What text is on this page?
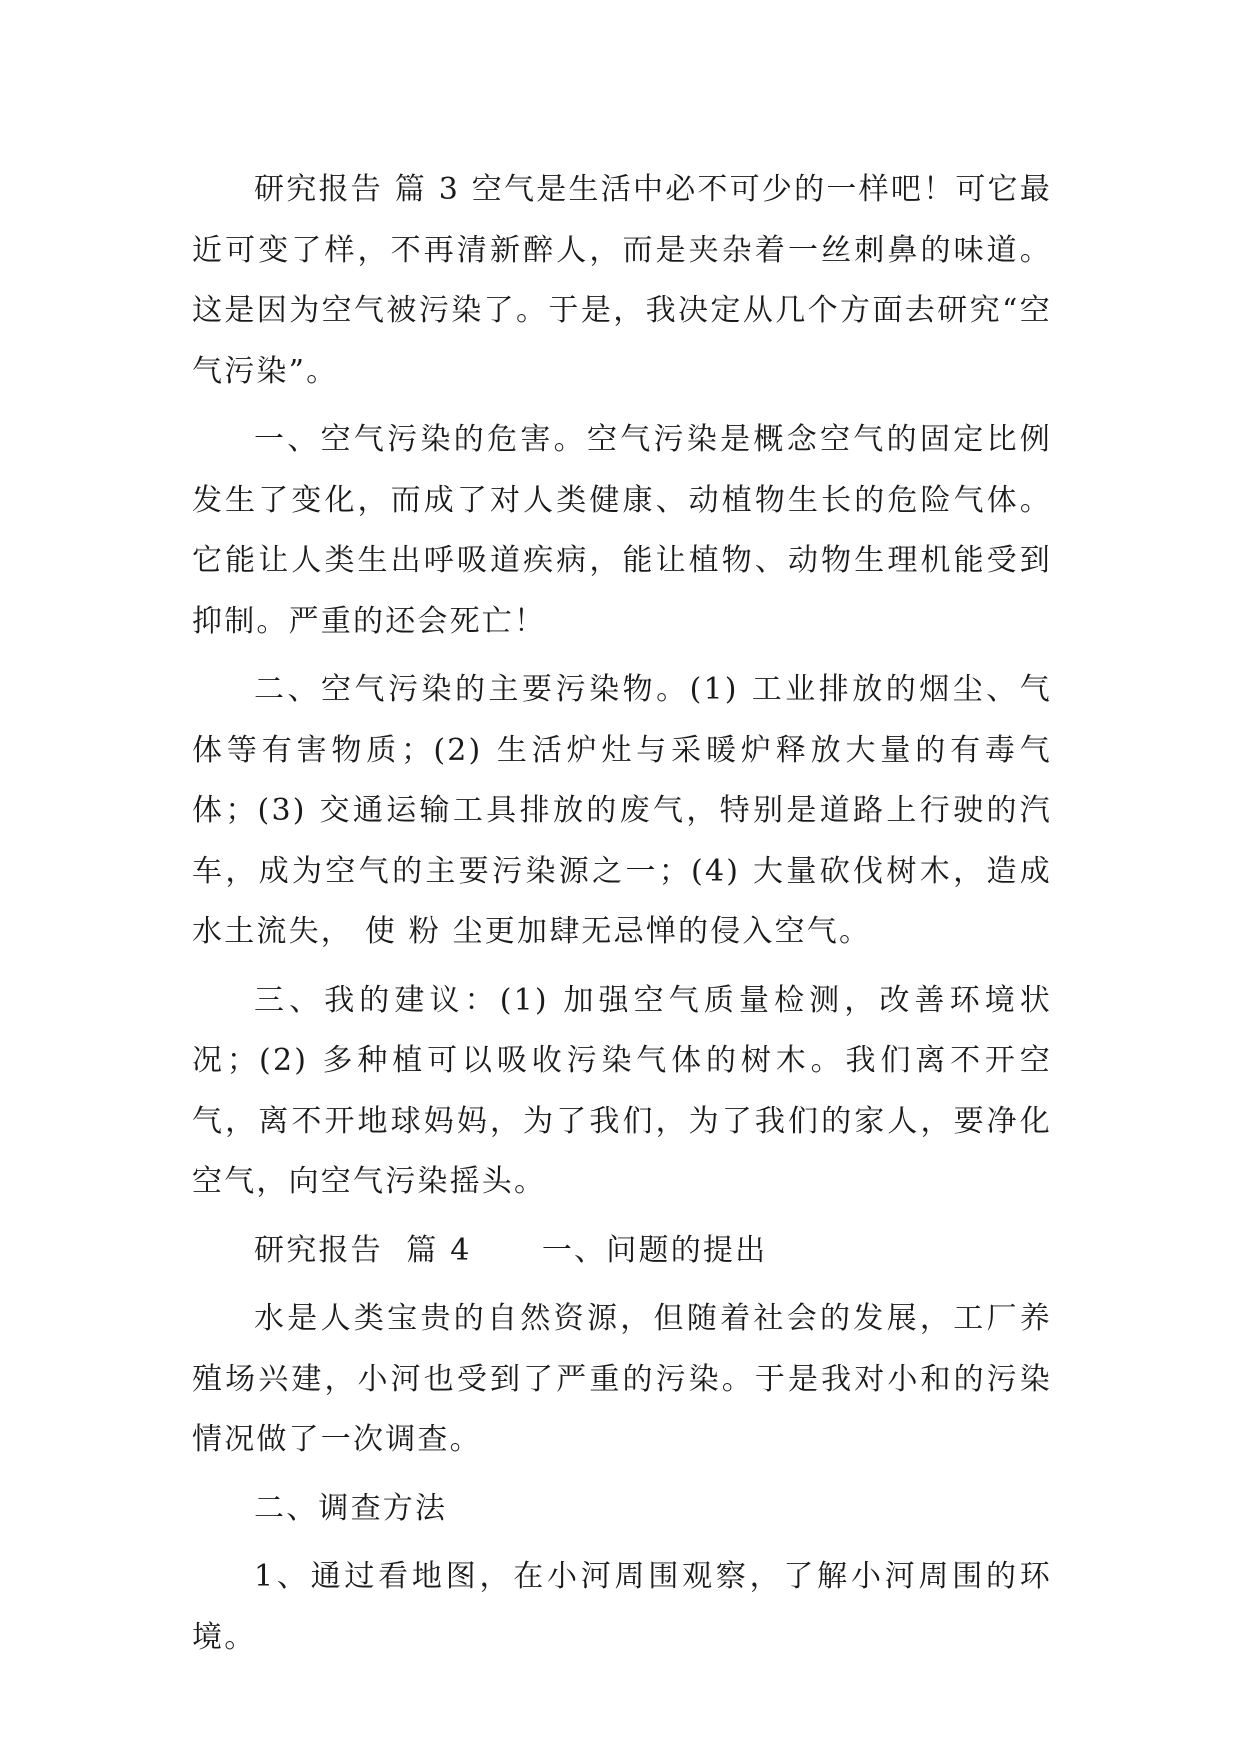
研究报告 篇 3 空气是生活中必不可少的一样吧！可它最近可变了样，不再清新醉人，而是夹杂着一丝刺鼻的味道。这是因为空气被污染了。于是，我决定从几个方面去研究“空气污染”。

一、空气污染的危害。空气污染是概念空气的固定比例发生了变化，而成了对人类健康、动植物生长的危险气体。它能让人类生出呼吸道疾病，能让植物、动物生理机能受到抑制。严重的还会死亡！

二、空气污染的主要污染物。(1) 工业排放的烟尘、气体等有害物质；(2) 生活炉灶与采暖炉释放大量的有毒气体；(3) 交通运输工具排放的废气，特别是道路上行驶的汽车，成为空气的主要污染源之一；(4) 大量砍伐树木，造成水土流失， 使 粉 尘更加肆无忌惮的侵入空气。

三、我的建议：(1) 加强空气质量检测，改善环境状况；(2) 多种植可以吸收污染气体的树木。我们离不开空气，离不开地球妈妈，为了我们，为了我们的家人，要净化空气，向空气污染摇头。

研究报告  篇 4      一、问题的提出

水是人类宝贵的自然资源，但随着社会的发展，工厂养殖场兴建，小河也受到了严重的污染。于是我对小和的污染情况做了一次调查。

二、调查方法

1、通过看地图，在小河周围观察，了解小河周围的环境。
